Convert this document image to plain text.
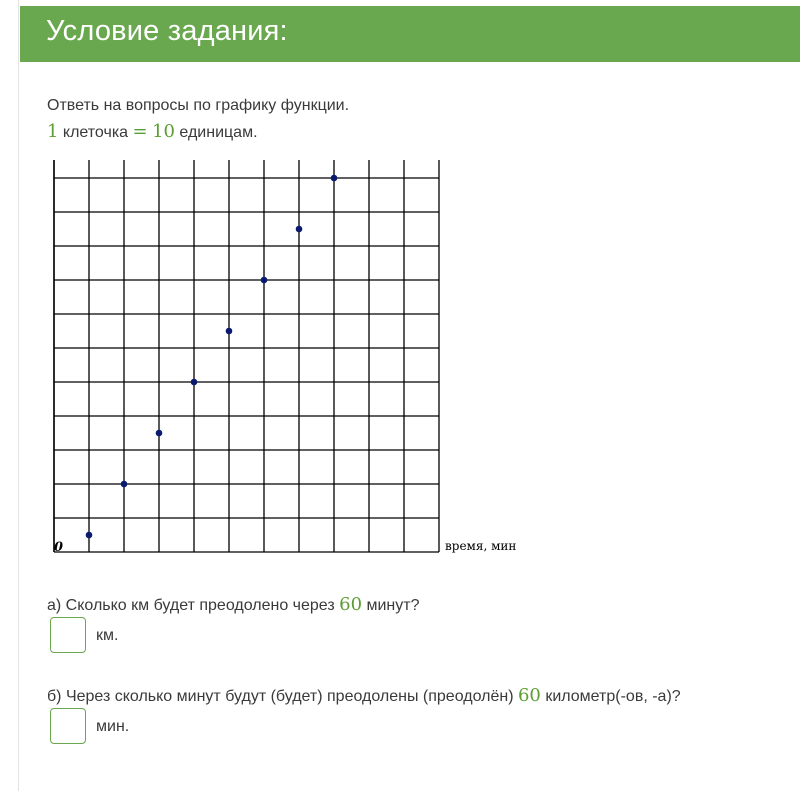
Условие задания:
Ответь на вопросы по графику функции.
1 клеточка = 10 единицам.
время, мин
0
а) Сколько км будет преодолено через 60 минут?
км.
б) Через сколько минут будут (будет) преодолены (преодолён) 60 километр(-ов, -а)?
мин.
